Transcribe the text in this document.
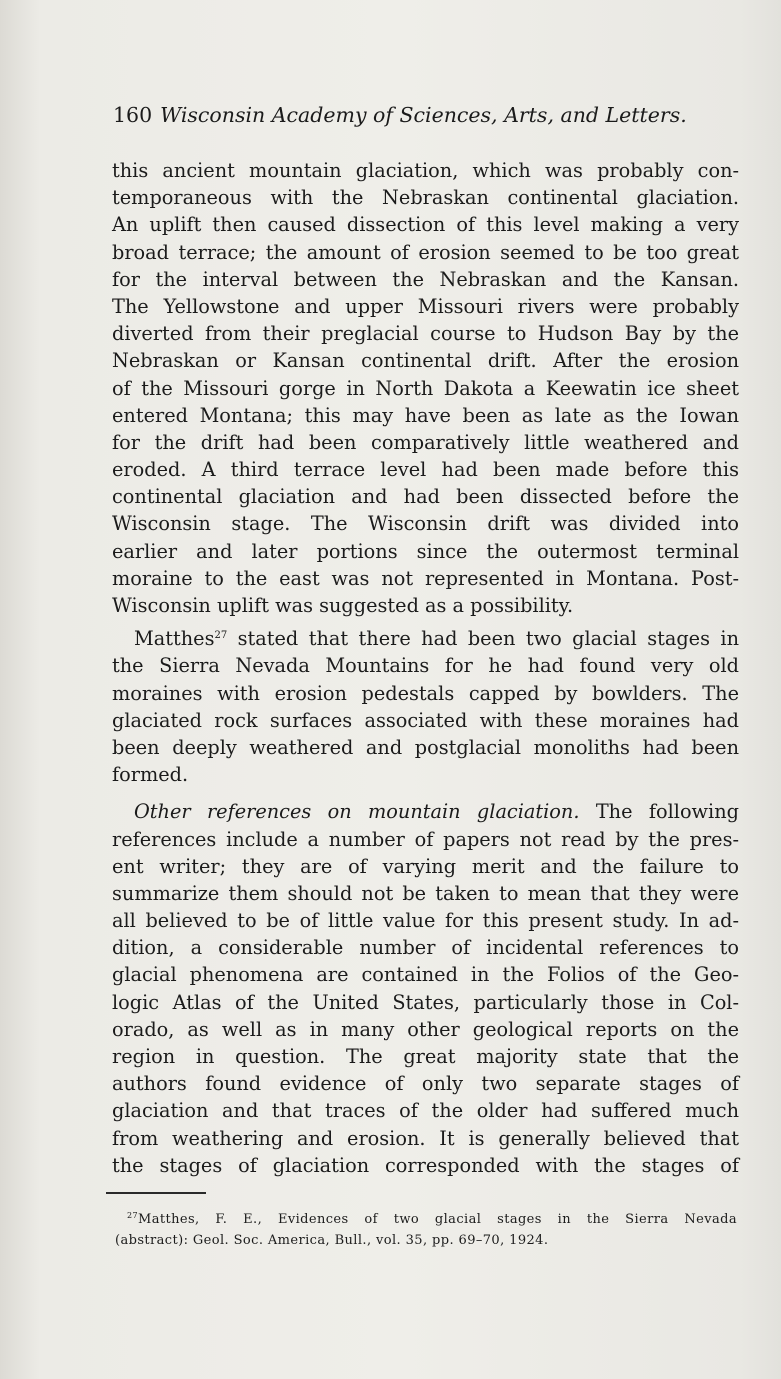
160 Wisconsin Academy of Sciences, Arts, and Letters.
this ancient mountain glaciation, which was probably con-
temporaneous with the Nebraskan continental glaciation.
An uplift then caused dissection of this level making a very
broad terrace; the amount of erosion seemed to be too great
for the interval between the Nebraskan and the Kansan.
The Yellowstone and upper Missouri rivers were probably
diverted from their preglacial course to Hudson Bay by the
Nebraskan or Kansan continental drift. After the erosion
of the Missouri gorge in North Dakota a Keewatin ice sheet
entered Montana; this may have been as late as the Iowan
for the drift had been comparatively little weathered and
eroded. A third terrace level had been made before this
continental glaciation and had been dissected before the
Wisconsin stage. The Wisconsin drift was divided into
earlier and later portions since the outermost terminal
moraine to the east was not represented in Montana. Post-
Wisconsin uplift was suggested as a possibility.
Matthes$^{27}$ stated that there had been two glacial stages in
the Sierra Nevada Mountains for he had found very old
moraines with erosion pedestals capped by bowlders. The
glaciated rock surfaces associated with these moraines had
been deeply weathered and postglacial monoliths had been
formed.
Other references on mountain glaciation. The following
references include a number of papers not read by the pres-
ent writer; they are of varying merit and the failure to
summarize them should not be taken to mean that they were
all believed to be of little value for this present study. In ad-
dition, a considerable number of incidental references to
glacial phenomena are contained in the Folios of the Geo-
logic Atlas of the United States, particularly those in Col-
orado, as well as in many other geological reports on the
region in question. The great majority state that the
authors found evidence of only two separate stages of
glaciation and that traces of the older had suffered much
from weathering and erosion. It is generally believed that
the stages of glaciation corresponded with the stages of
$^{27}$Matthes, F. E., Evidences of two glacial stages in the Sierra Nevada
(abstract): Geol. Soc. America, Bull., vol. 35, pp. 69–70, 1924.
